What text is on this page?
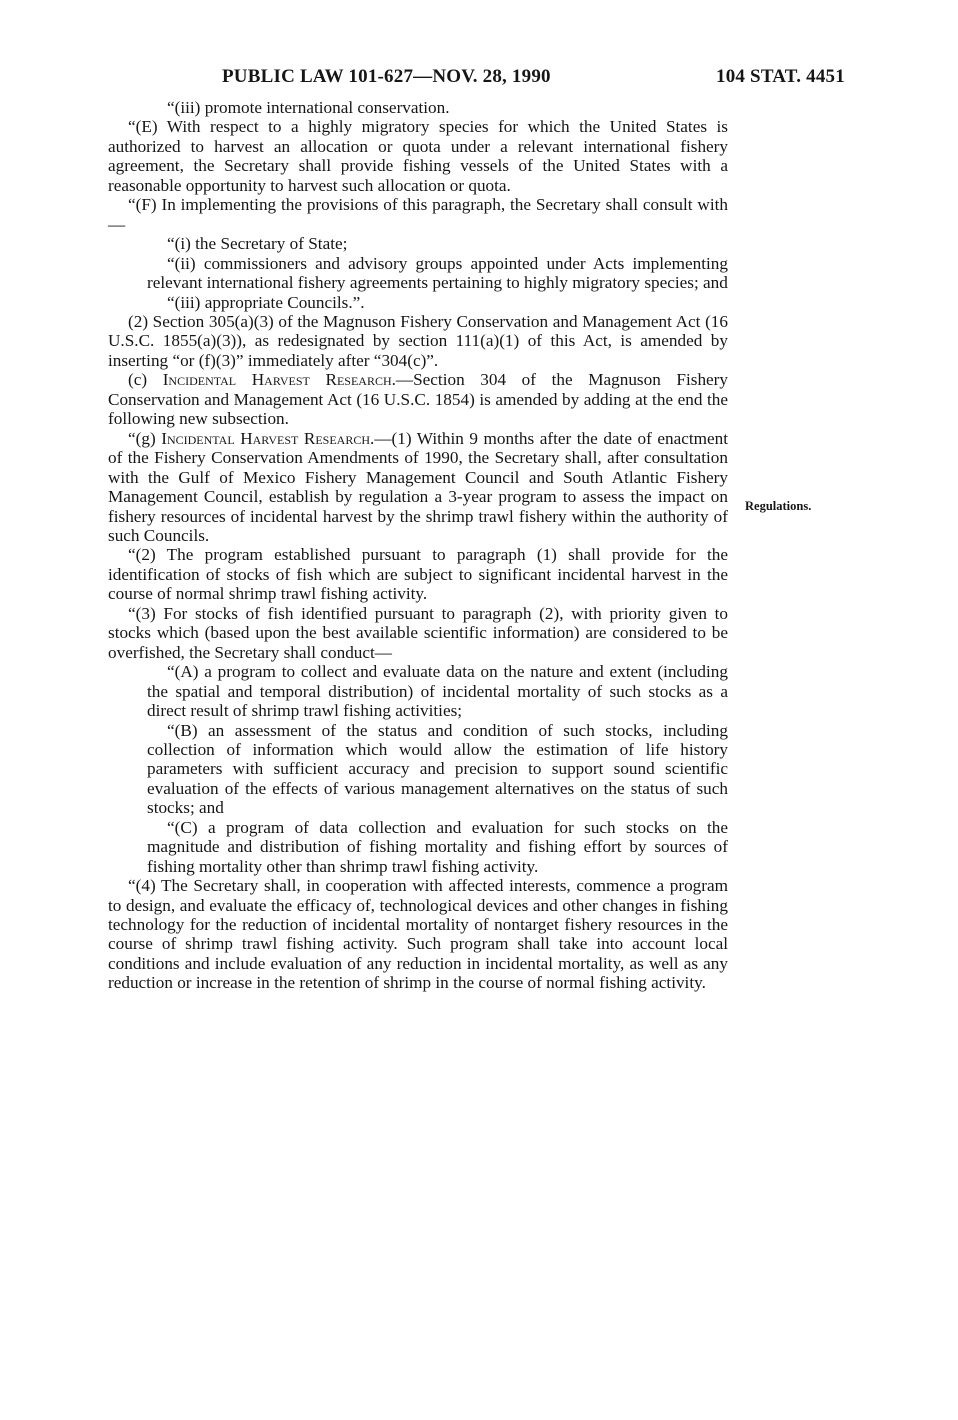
PUBLIC LAW 101-627—NOV. 28, 1990	104 STAT. 4451

“(iii) promote international conservation.

“(E) With respect to a highly migratory species for which the United States is authorized to harvest an allocation or quota under a relevant international fishery agreement, the Secretary shall provide fishing vessels of the United States with a reasonable opportunity to harvest such allocation or quota.

“(F) In implementing the provisions of this paragraph, the Secretary shall consult with—

“(i) the Secretary of State;

“(ii) commissioners and advisory groups appointed under Acts implementing relevant international fishery agreements pertaining to highly migratory species; and

“(iii) appropriate Councils.”.

(2) Section 305(a)(3) of the Magnuson Fishery Conservation and Management Act (16 U.S.C. 1855(a)(3)), as redesignated by section 111(a)(1) of this Act, is amended by inserting “or (f)(3)” immediately after “304(c)”.

(c) Incidental Harvest Research.—Section 304 of the Magnuson Fishery Conservation and Management Act (16 U.S.C. 1854) is amended by adding at the end the following new subsection.

“(g) Incidental Harvest Research.—(1) Within 9 months after the date of enactment of the Fishery Conservation Amendments of 1990, the Secretary shall, after consultation with the Gulf of Mexico Fishery Management Council and South Atlantic Fishery Management Council, establish by regulation a 3-year program to assess the impact on fishery resources of incidental harvest by the shrimp trawl fishery within the authority of such Councils.

“(2) The program established pursuant to paragraph (1) shall provide for the identification of stocks of fish which are subject to significant incidental harvest in the course of normal shrimp trawl fishing activity.

“(3) For stocks of fish identified pursuant to paragraph (2), with priority given to stocks which (based upon the best available scientific information) are considered to be overfished, the Secretary shall conduct—

“(A) a program to collect and evaluate data on the nature and extent (including the spatial and temporal distribution) of incidental mortality of such stocks as a direct result of shrimp trawl fishing activities;

“(B) an assessment of the status and condition of such stocks, including collection of information which would allow the estimation of life history parameters with sufficient accuracy and precision to support sound scientific evaluation of the effects of various management alternatives on the status of such stocks; and

“(C) a program of data collection and evaluation for such stocks on the magnitude and distribution of fishing mortality and fishing effort by sources of fishing mortality other than shrimp trawl fishing activity.

“(4) The Secretary shall, in cooperation with affected interests, commence a program to design, and evaluate the efficacy of, technological devices and other changes in fishing technology for the reduction of incidental mortality of nontarget fishery resources in the course of shrimp trawl fishing activity. Such program shall take into account local conditions and include evaluation of any reduction in incidental mortality, as well as any reduction or increase in the retention of shrimp in the course of normal fishing activity.

Regulations.
